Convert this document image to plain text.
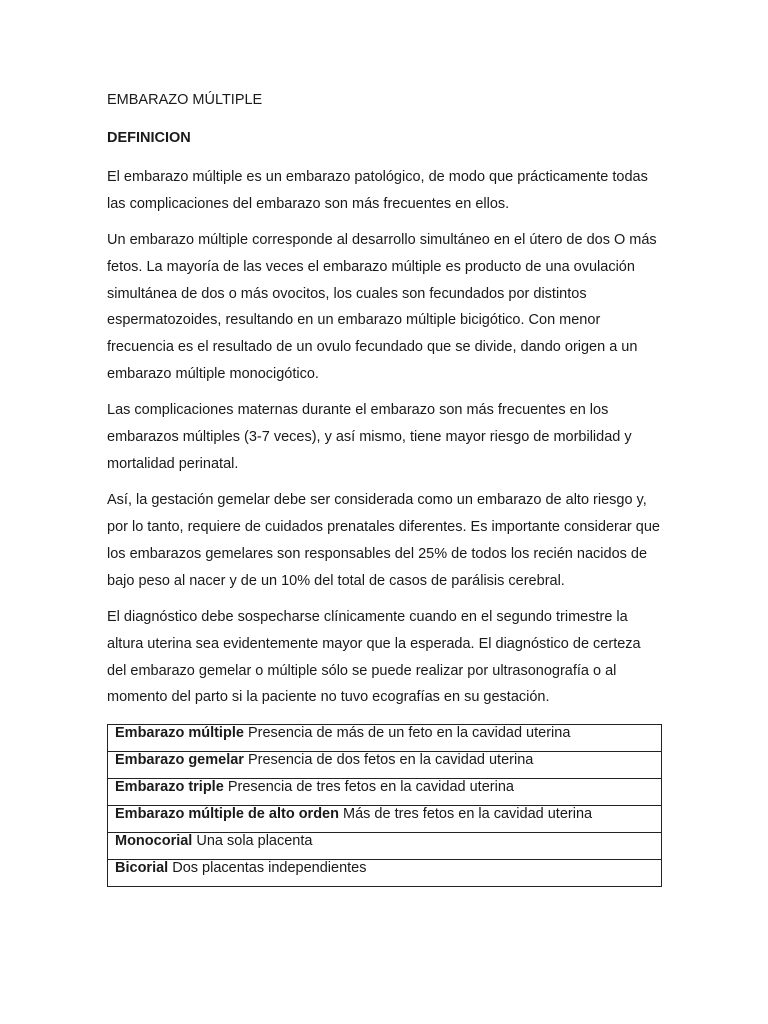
EMBARAZO MÚLTIPLE
DEFINICION

El embarazo múltiple es un embarazo patológico, de modo que prácticamente todas las complicaciones del embarazo son más frecuentes en ellos.

Un embarazo múltiple corresponde al desarrollo simultáneo en el útero de dos O más fetos. La mayoría de las veces el embarazo múltiple es producto de una ovulación simultánea de dos o más ovocitos, los cuales son fecundados por distintos espermatozoides, resultando en un embarazo múltiple bicigótico. Con menor frecuencia es el resultado de un ovulo fecundado que se divide, dando origen a un embarazo múltiple monocigótico.

Las complicaciones maternas durante el embarazo son más frecuentes en los embarazos múltiples (3-7 veces), y así mismo, tiene mayor riesgo de morbilidad y mortalidad perinatal.

Así, la gestación gemelar debe ser considerada como un embarazo de alto riesgo y, por lo tanto, requiere de cuidados prenatales diferentes. Es importante considerar que los embarazos gemelares son responsables del 25% de todos los recién nacidos de bajo peso al nacer y de un 10% del total de casos de parálisis cerebral.

El diagnóstico debe sospecharse clínicamente cuando en el segundo trimestre la altura uterina sea evidentemente mayor que la esperada. El diagnóstico de certeza del embarazo gemelar o múltiple sólo se puede realizar por ultrasonografía o al momento del parto si la paciente no tuvo ecografías en su gestación.

Embarazo múltiple Presencia de más de un feto en la cavidad uterina
Embarazo gemelar Presencia de dos fetos en la cavidad uterina
Embarazo triple Presencia de tres fetos en la cavidad uterina
Embarazo múltiple de alto orden Más de tres fetos en la cavidad uterina
Monocorial Una sola placenta
Bicorial Dos placentas independientes
